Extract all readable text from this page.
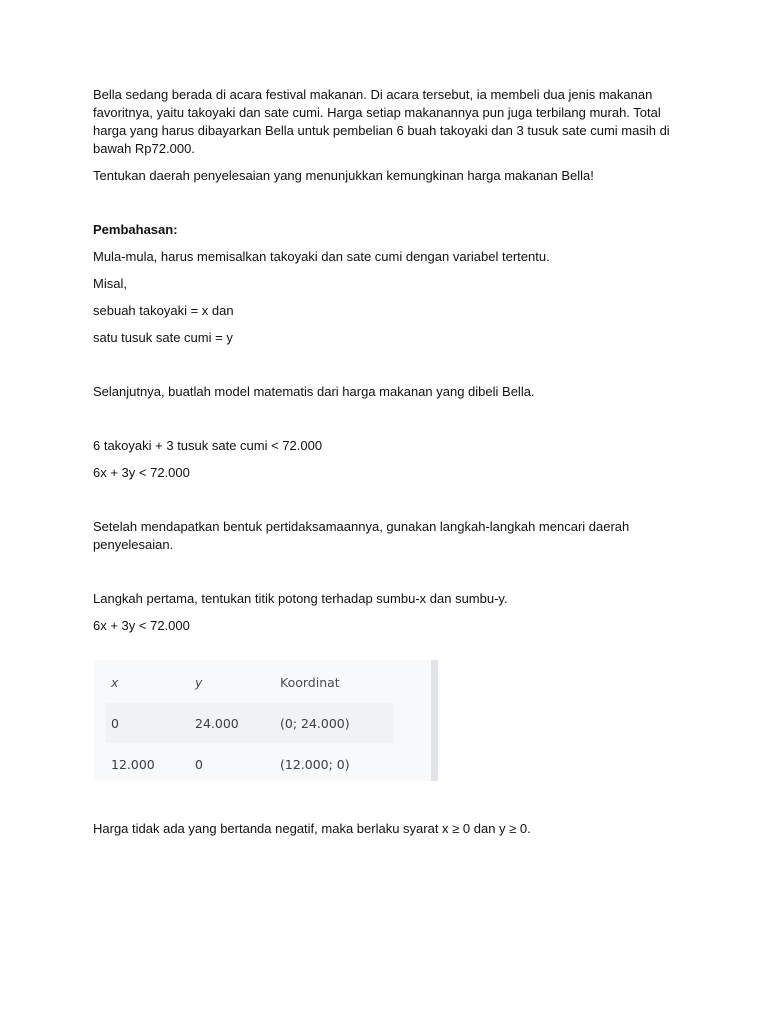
Bella sedang berada di acara festival makanan. Di acara tersebut, ia membeli dua jenis makanan favoritnya, yaitu takoyaki dan sate cumi. Harga setiap makanannya pun juga terbilang murah. Total harga yang harus dibayarkan Bella untuk pembelian 6 buah takoyaki dan 3 tusuk sate cumi masih di bawah Rp72.000.

Tentukan daerah penyelesaian yang menunjukkan kemungkinan harga makanan Bella!

Pembahasan:

Mula-mula, harus memisalkan takoyaki dan sate cumi dengan variabel tertentu.

Misal,

sebuah takoyaki = x dan

satu tusuk sate cumi = y

Selanjutnya, buatlah model matematis dari harga makanan yang dibeli Bella.

6 takoyaki + 3 tusuk sate cumi < 72.000

6x + 3y < 72.000

Setelah mendapatkan bentuk pertidaksamaannya, gunakan langkah-langkah mencari daerah penyelesaian.

Langkah pertama, tentukan titik potong terhadap sumbu-x dan sumbu-y.

6x + 3y < 72.000

x	y	Koordinat
0	24.000	(0; 24.000)
12.000	0	(12.000; 0)

Harga tidak ada yang bertanda negatif, maka berlaku syarat x ≥ 0 dan y ≥ 0.
